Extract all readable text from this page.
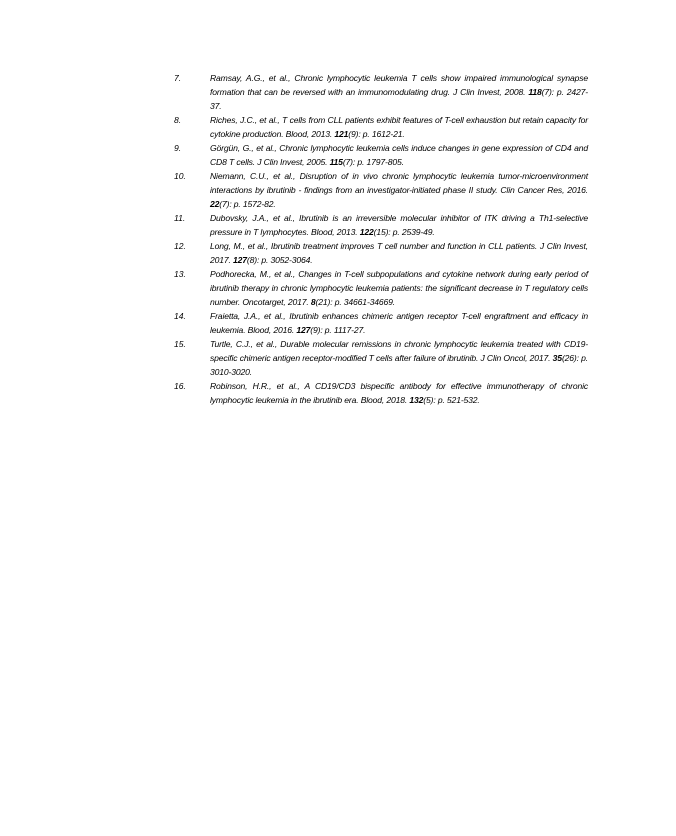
7.	Ramsay, A.G., et al., Chronic lymphocytic leukemia T cells show impaired immunological synapse formation that can be reversed with an immunomodulating drug. J Clin Invest, 2008. 118(7): p. 2427-37.
8.	Riches, J.C., et al., T cells from CLL patients exhibit features of T-cell exhaustion but retain capacity for cytokine production. Blood, 2013. 121(9): p. 1612-21.
9.	Görgün, G., et al., Chronic lymphocytic leukemia cells induce changes in gene expression of CD4 and CD8 T cells. J Clin Invest, 2005. 115(7): p. 1797-805.
10.	Niemann, C.U., et al., Disruption of in vivo chronic lymphocytic leukemia tumor-microenvironment interactions by ibrutinib - findings from an investigator-initiated phase II study. Clin Cancer Res, 2016. 22(7): p. 1572-82.
11.	Dubovsky, J.A., et al., Ibrutinib is an irreversible molecular inhibitor of ITK driving a Th1-selective pressure in T lymphocytes. Blood, 2013. 122(15): p. 2539-49.
12.	Long, M., et al., Ibrutinib treatment improves T cell number and function in CLL patients. J Clin Invest, 2017. 127(8): p. 3052-3064.
13.	Podhorecka, M., et al., Changes in T-cell subpopulations and cytokine network during early period of ibrutinib therapy in chronic lymphocytic leukemia patients: the significant decrease in T regulatory cells number. Oncotarget, 2017. 8(21): p. 34661-34669.
14.	Fraietta, J.A., et al., Ibrutinib enhances chimeric antigen receptor T-cell engraftment and efficacy in leukemia. Blood, 2016. 127(9): p. 1117-27.
15.	Turtle, C.J., et al., Durable molecular remissions in chronic lymphocytic leukemia treated with CD19-specific chimeric antigen receptor-modified T cells after failure of ibrutinib. J Clin Oncol, 2017. 35(26): p. 3010-3020.
16.	Robinson, H.R., et al., A CD19/CD3 bispecific antibody for effective immunotherapy of chronic lymphocytic leukemia in the ibrutinib era. Blood, 2018. 132(5): p. 521-532.
